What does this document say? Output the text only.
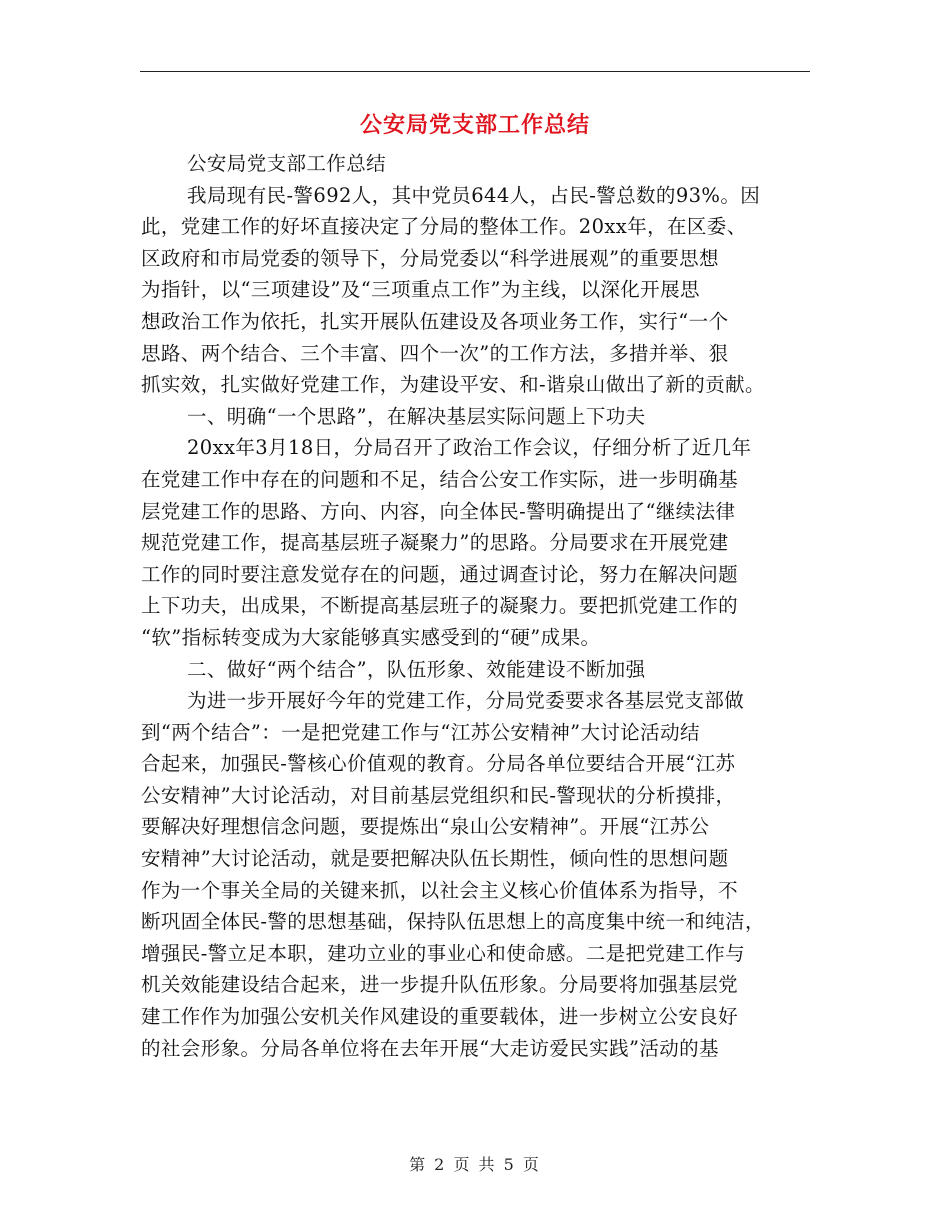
公安局党支部工作总结
公安局党支部工作总结
我局现有民-警692人，其中党员644人，占民-警总数的93%。因
此，党建工作的好坏直接决定了分局的整体工作。20xx年，在区委、
区政府和市局党委的领导下，分局党委以“科学进展观”的重要思想
为指针，以“三项建设”及“三项重点工作”为主线，以深化开展思
想政治工作为依托，扎实开展队伍建设及各项业务工作，实行“一个
思路、两个结合、三个丰富、四个一次”的工作方法，多措并举、狠
抓实效，扎实做好党建工作，为建设平安、和-谐泉山做出了新的贡献。
一、明确“一个思路”，在解决基层实际问题上下功夫
20xx年3月18日，分局召开了政治工作会议，仔细分析了近几年
在党建工作中存在的问题和不足，结合公安工作实际，进一步明确基
层党建工作的思路、方向、内容，向全体民-警明确提出了“继续法律
规范党建工作，提高基层班子凝聚力”的思路。分局要求在开展党建
工作的同时要注意发觉存在的问题，通过调查讨论，努力在解决问题
上下功夫，出成果，不断提高基层班子的凝聚力。要把抓党建工作的
“软”指标转变成为大家能够真实感受到的“硬”成果。
二、做好“两个结合”，队伍形象、效能建设不断加强
为进一步开展好今年的党建工作，分局党委要求各基层党支部做
到“两个结合”：一是把党建工作与“江苏公安精神”大讨论活动结
合起来，加强民-警核心价值观的教育。分局各单位要结合开展“江苏
公安精神”大讨论活动，对目前基层党组织和民-警现状的分析摸排，
要解决好理想信念问题，要提炼出“泉山公安精神”。开展“江苏公
安精神”大讨论活动，就是要把解决队伍长期性，倾向性的思想问题
作为一个事关全局的关键来抓，以社会主义核心价值体系为指导，不
断巩固全体民-警的思想基础，保持队伍思想上的高度集中统一和纯洁，
增强民-警立足本职，建功立业的事业心和使命感。二是把党建工作与
机关效能建设结合起来，进一步提升队伍形象。分局要将加强基层党
建工作作为加强公安机关作风建设的重要载体，进一步树立公安良好
的社会形象。分局各单位将在去年开展“大走访爱民实践”活动的基
第 2 页 共 5 页
